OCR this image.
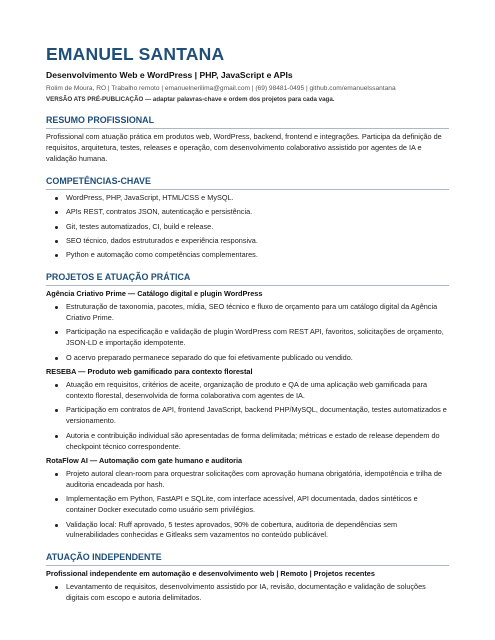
EMANUEL SANTANA
Desenvolvimento Web e WordPress | PHP, JavaScript e APIs
Rolim de Moura, RO | Trabalho remoto | emanuelnerilima@gmail.com | (69) 98481-0495 | github.com/emanuelssantana
VERSÃO ATS PRÉ-PUBLICAÇÃO — adaptar palavras-chave e ordem dos projetos para cada vaga.
RESUMO PROFISSIONAL
Profissional com atuação prática em produtos web, WordPress, backend, frontend e integrações. Participa da definição de requisitos, arquitetura, testes, releases e operação, com desenvolvimento colaborativo assistido por agentes de IA e validação humana.
COMPETÊNCIAS-CHAVE
WordPress, PHP, JavaScript, HTML/CSS e MySQL.
APIs REST, contratos JSON, autenticação e persistência.
Git, testes automatizados, CI, build e release.
SEO técnico, dados estruturados e experiência responsiva.
Python e automação como competências complementares.
PROJETOS E ATUAÇÃO PRÁTICA
Agência Criativo Prime — Catálogo digital e plugin WordPress
Estruturação de taxonomia, pacotes, mídia, SEO técnico e fluxo de orçamento para um catálogo digital da Agência Criativo Prime.
Participação na especificação e validação de plugin WordPress com REST API, favoritos, solicitações de orçamento, JSON-LD e importação idempotente.
O acervo preparado permanece separado do que foi efetivamente publicado ou vendido.
RESEBA — Produto web gamificado para contexto florestal
Atuação em requisitos, critérios de aceite, organização de produto e QA de uma aplicação web gamificada para contexto florestal, desenvolvida de forma colaborativa com agentes de IA.
Participação em contratos de API, frontend JavaScript, backend PHP/MySQL, documentação, testes automatizados e versionamento.
Autoria e contribuição individual são apresentadas de forma delimitada; métricas e estado de release dependem do checkpoint técnico correspondente.
RotaFlow AI — Automação com gate humano e auditoria
Projeto autoral clean-room para orquestrar solicitações com aprovação humana obrigatória, idempotência e trilha de auditoria encadeada por hash.
Implementação em Python, FastAPI e SQLite, com interface acessível, API documentada, dados sintéticos e container Docker executado como usuário sem privilégios.
Validação local: Ruff aprovado, 5 testes aprovados, 90% de cobertura, auditoria de dependências sem vulnerabilidades conhecidas e Gitleaks sem vazamentos no conteúdo publicável.
ATUAÇÃO INDEPENDENTE
Profissional independente em automação e desenvolvimento web | Remoto | Projetos recentes
Levantamento de requisitos, desenvolvimento assistido por IA, revisão, documentação e validação de soluções digitais com escopo e autoria delimitados.
